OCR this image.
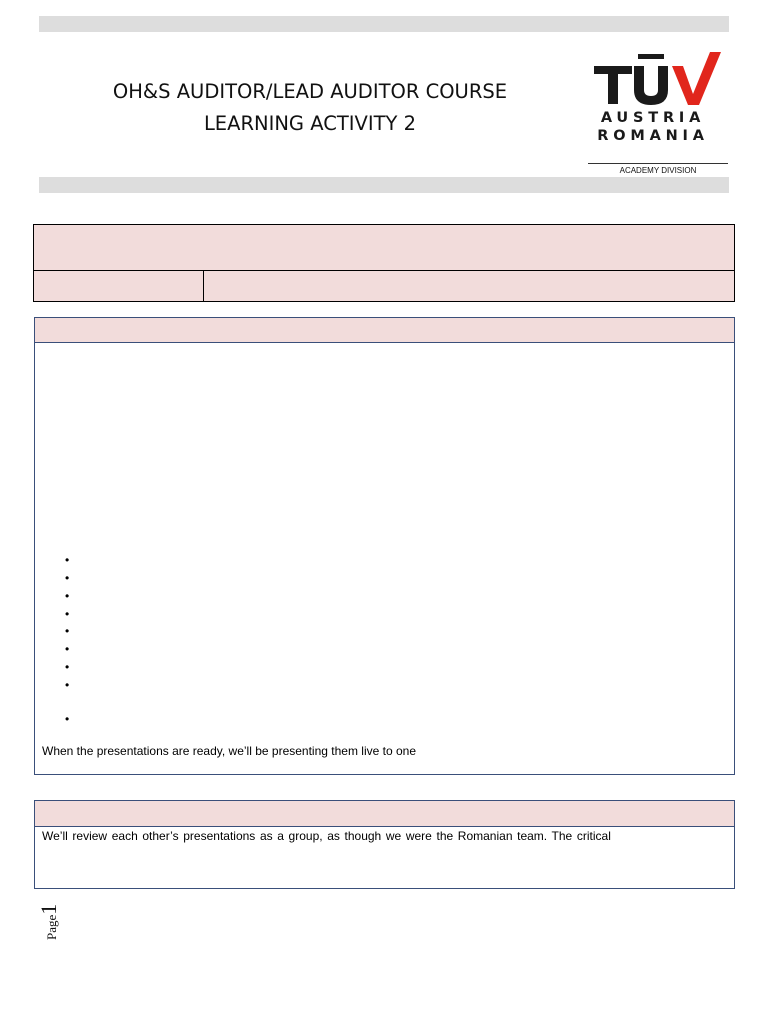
OH&S AUDITOR/LEAD AUDITOR COURSE
LEARNING ACTIVITY 2	AUSTRIA
ROMANIA
ACADEMY DIVISION
•
•
•
•
•
•
•
•
•
When the presentations are ready, we’ll be presenting them live to one
We’ll review each other’s presentations as a group, as though we were the Romanian team. The critical
Page1
